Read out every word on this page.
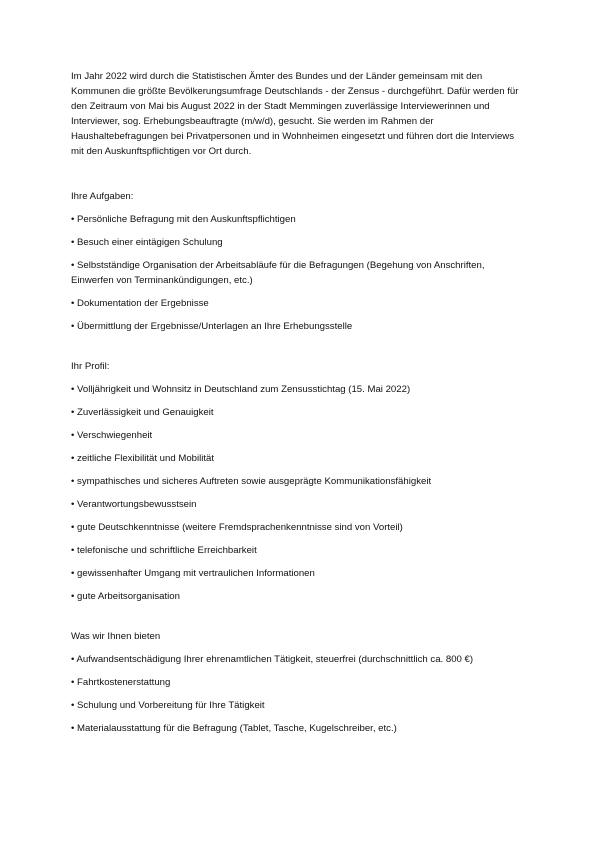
Im Jahr 2022 wird durch die Statistischen Ämter des Bundes und der Länder gemeinsam mit den Kommunen die größte Bevölkerungsumfrage Deutschlands - der Zensus - durchgeführt. Dafür werden für den Zeitraum von Mai bis August 2022 in der Stadt Memmingen zuverlässige Interviewerinnen und Interviewer, sog. Erhebungsbeauftragte (m/w/d), gesucht. Sie werden im Rahmen der Haushaltebefragungen bei Privatpersonen und in Wohnheimen eingesetzt und führen dort die Interviews mit den Auskunftspflichtigen vor Ort durch.

Ihre Aufgaben:

• Persönliche Befragung mit den Auskunftspflichtigen
• Besuch einer eintägigen Schulung
• Selbstständige Organisation der Arbeitsabläufe für die Befragungen (Begehung von Anschriften, Einwerfen von Terminankündigungen, etc.)
• Dokumentation der Ergebnisse
• Übermittlung der Ergebnisse/Unterlagen an Ihre Erhebungsstelle

Ihr Profil:

• Volljährigkeit und Wohnsitz in Deutschland zum Zensusstichtag (15. Mai 2022)
• Zuverlässigkeit und Genauigkeit
• Verschwiegenheit
• zeitliche Flexibilität und Mobilität
• sympathisches und sicheres Auftreten sowie ausgeprägte Kommunikationsfähigkeit
• Verantwortungsbewusstsein
• gute Deutschkenntnisse (weitere Fremdsprachenkenntnisse sind von Vorteil)
• telefonische und schriftliche Erreichbarkeit
• gewissenhafter Umgang mit vertraulichen Informationen
• gute Arbeitsorganisation

Was wir Ihnen bieten

• Aufwandsentschädigung Ihrer ehrenamtlichen Tätigkeit, steuerfrei (durchschnittlich ca. 800 €)
• Fahrtkostenerstattung
• Schulung und Vorbereitung für Ihre Tätigkeit
• Materialausstattung für die Befragung (Tablet, Tasche, Kugelschreiber, etc.)
